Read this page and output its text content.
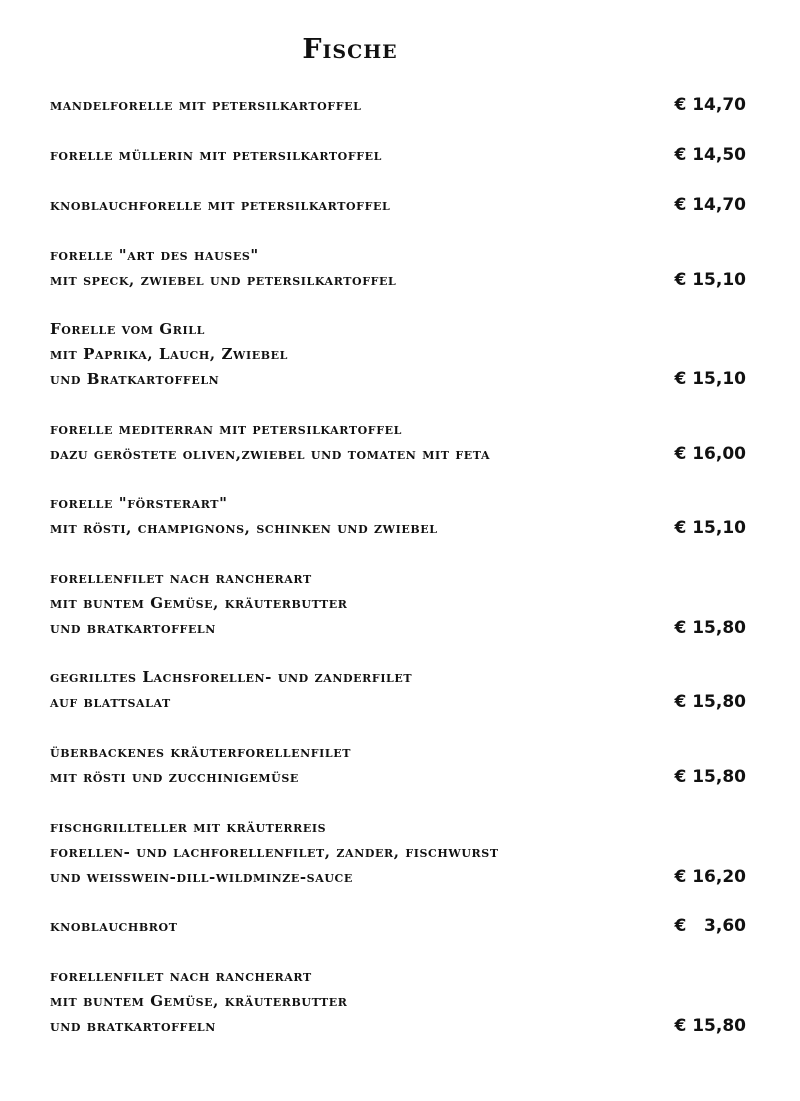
Fische
mandelforelle mit petersilkartoffel	€ 14,70
forelle müllerin mit petersilkartoffel	€ 14,50
knoblauchforelle mit petersilkartoffel	€ 14,70
forelle "art des hauses"
mit speck, zwiebel und petersilkartoffel	€ 15,10
Forelle vom Grill
mit Paprika, Lauch, Zwiebel
und Bratkartoffeln	€ 15,10
forelle mediterran mit petersilkartoffel
dazu geröstete oliven,zwiebel und tomaten mit feta	€ 16,00
forelle "försterart"
mit rösti, champignons, schinken und zwiebel	€ 15,10
forellenfilet nach rancherart
mit buntem Gemüse, kräuterbutter
und bratkartoffeln	€ 15,80
gegrilltes Lachsforellen- und zanderfilet
auf blattsalat	€ 15,80
überbackenes kräuterforellenfilet
mit rösti und zucchinigemüse	€ 15,80
fischgrillteller mit kräuterreis
forellen- und lachforellenfilet, zander, fischwurst
und weisswein-dill-wildminze-sauce	€ 16,20
knoblauchbrot	€   3,60
forellenfilet nach rancherart
mit buntem Gemüse, kräuterbutter
und bratkartoffeln	€ 15,80
